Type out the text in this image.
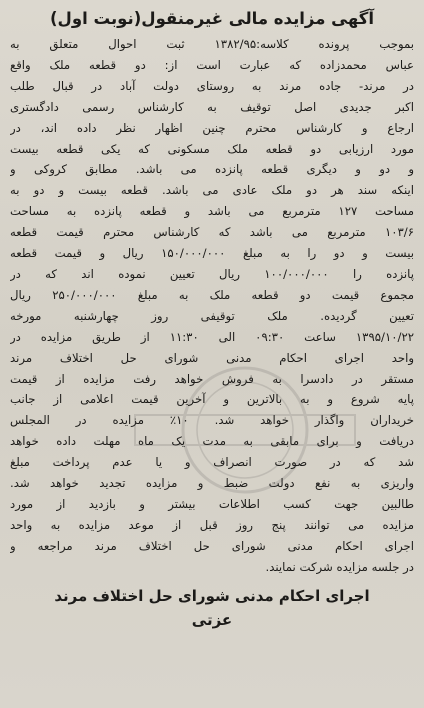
آگهی مزایده مالی غیرمنقول(نوبت اول)
بموجب پرونده کلاسه:۱۳۸۲/۹۵ ثبت احوال متعلق به
عباس محمدزاده که عبارت است از: دو قطعه ملک واقع
در مرند- جاده مرند به روستای دولت آباد در قبال طلب
اکبر جدیدی اصل توقیف به کارشناس رسمی دادگستری
ارجاع و کارشناس محترم چنین اظهار نظر داده اند، در
مورد ارزیابی دو قطعه ملک مسکونی که یکی قطعه بیست
و دو و دیگری قطعه پانزده می باشد. مطابق کروکی و
اینکه سند هر دو ملک عادی می باشد. قطعه بیست و دو به
مساحت ۱۲۷ مترمربع می باشد و قطعه پانزده به مساحت
۱۰۳/۶ مترمربع می باشد که کارشناس محترم قیمت قطعه
بیست و دو را به مبلغ ۱۵۰/۰۰۰/۰۰۰ ریال و قیمت قطعه
پانزده را ۱۰۰/۰۰۰/۰۰۰ ریال تعیین نموده اند که در
مجموع قیمت دو قطعه ملک به مبلغ ۲۵۰/۰۰۰/۰۰۰ ریال
تعیین گردیده. ملک توقیفی روز چهارشنبه مورخه
۱۳۹۵/۱۰/۲۲ ساعت ۰۹:۳۰ الی ۱۱:۳۰ از طریق مزایده در
واحد اجرای احکام مدنی شورای حل اختلاف مرند
مستقر در دادسرا به فروش خواهد رفت مزایده از قیمت
پایه شروع و به بالاترین و آخرین قیمت اعلامی از جانب
خریداران واگذار خواهد شد. ۱۰٪ مزایده در المجلس
دریافت و برای مابقی به مدت یک ماه مهلت داده خواهد
شد که در صورت انصراف و یا عدم پرداخت مبلغ
واریزی به نفع دولت ضبط و مزایده تجدید خواهد شد.
طالبین جهت کسب اطلاعات بیشتر و بازدید از مورد
مزایده می توانند پنج روز قبل از موعد مزایده به واحد
اجرای احکام مدنی شورای حل اختلاف مرند مراجعه و
در جلسه مزایده شرکت نمایند.
اجرای احکام مدنی شورای حل اختلاف مرند
عزتی
